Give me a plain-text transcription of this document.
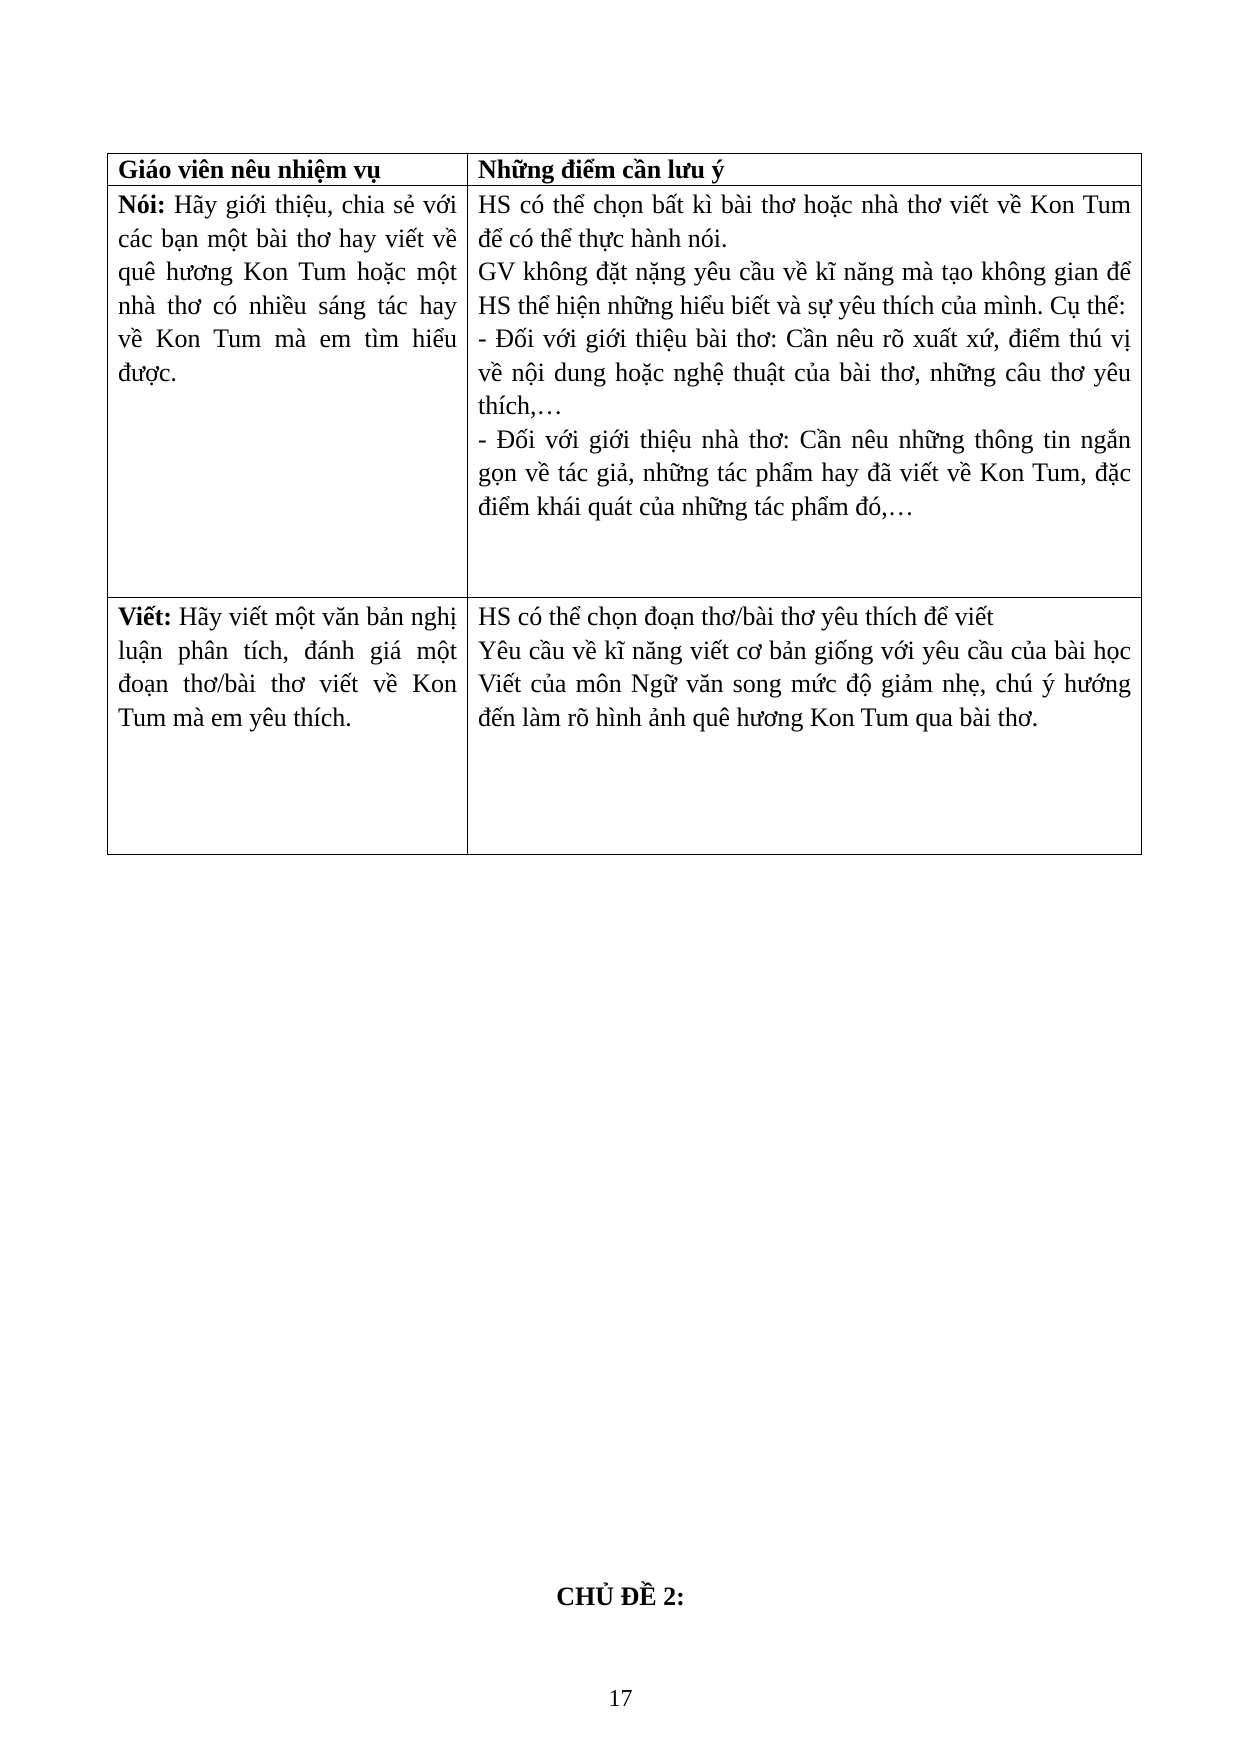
Giáo viên nêu nhiệm vụ	Những điểm cần lưu ý
Nói: Hãy giới thiệu, chia sẻ với các bạn một bài thơ hay viết về quê hương Kon Tum hoặc một nhà thơ có nhiều sáng tác hay về Kon Tum mà em tìm hiểu được.	HS có thể chọn bất kì bài thơ hoặc nhà thơ viết về Kon Tum để có thể thực hành nói.
GV không đặt nặng yêu cầu về kĩ năng mà tạo không gian để HS thể hiện những hiểu biết và sự yêu thích của mình. Cụ thể:
- Đối với giới thiệu bài thơ: Cần nêu rõ xuất xứ, điểm thú vị về nội dung hoặc nghệ thuật của bài thơ, những câu thơ yêu thích,…
- Đối với giới thiệu nhà thơ: Cần nêu những thông tin ngắn gọn về tác giả, những tác phẩm hay đã viết về Kon Tum, đặc điểm khái quát của những tác phẩm đó,…

Viết: Hãy viết một văn bản nghị luận phân tích, đánh giá một đoạn thơ/bài thơ viết về Kon Tum mà em yêu thích.	HS có thể chọn đoạn thơ/bài thơ yêu thích để viết
Yêu cầu về kĩ năng viết cơ bản giống với yêu cầu của bài học Viết của môn Ngữ văn song mức độ giảm nhẹ, chú ý hướng đến làm rõ hình ảnh quê hương Kon Tum qua bài thơ.
CHỦ ĐỀ 2:
17
